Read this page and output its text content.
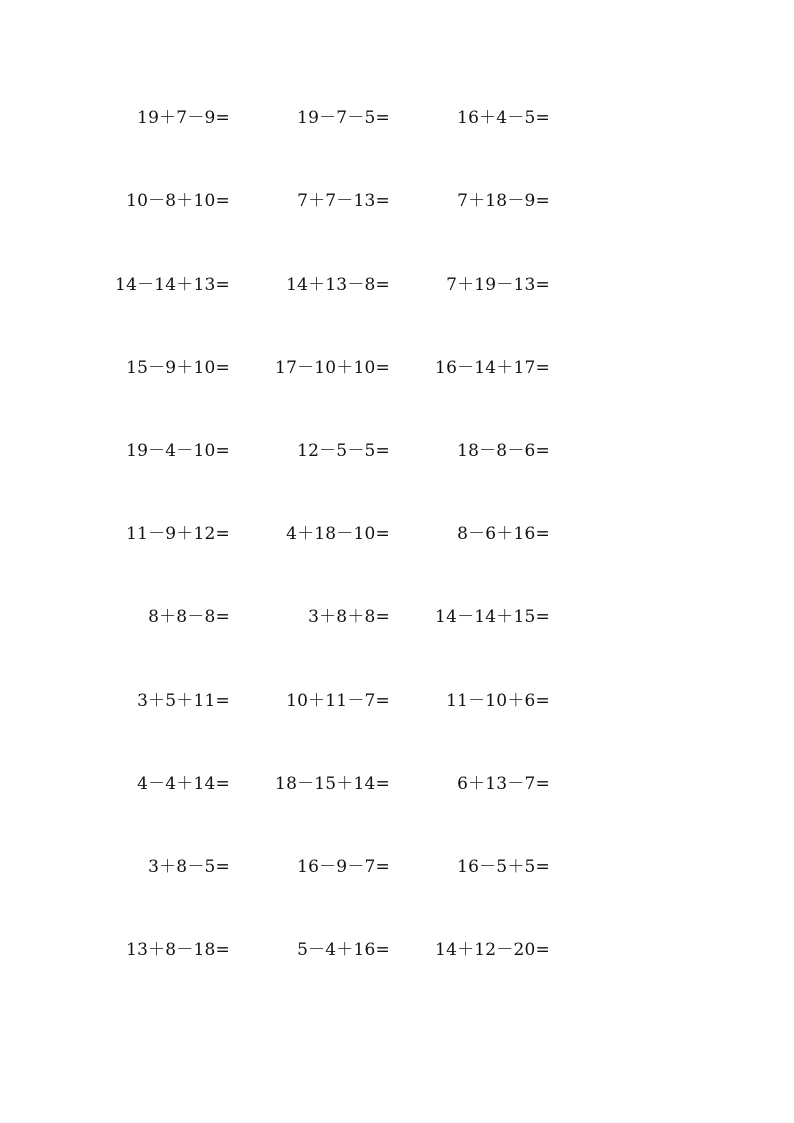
19＋7－9=	19－7－5=	16＋4－5=
10－8＋10=	7＋7－13=	7＋18－9=
14－14＋13=	14＋13－8=	7＋19－13=
15－9＋10=	17－10＋10=	16－14＋17=
19－4－10=	12－5－5=	18－8－6=
11－9＋12=	4＋18－10=	8－6＋16=
8＋8－8=	3＋8＋8=	14－14＋15=
3＋5＋11=	10＋11－7=	11－10＋6=
4－4＋14=	18－15＋14=	6＋13－7=
3＋8－5=	16－9－7=	16－5＋5=
13＋8－18=	5－4＋16=	14＋12－20=
